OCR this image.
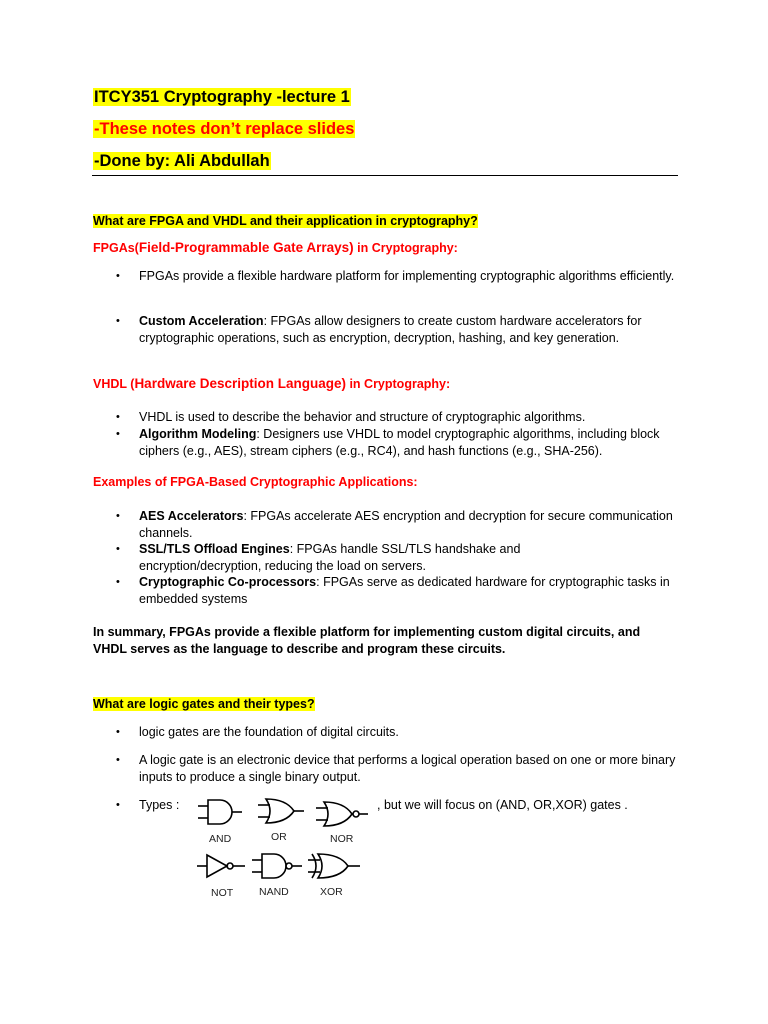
ITCY351 Cryptography -lecture 1
-These notes don’t replace slides
-Done by: Ali Abdullah
What are FPGA and VHDL and their application in cryptography?
FPGAs(Field-Programmable Gate Arrays) in Cryptography:
•	FPGAs provide a flexible hardware platform for implementing cryptographic algorithms efficiently.
•	Custom Acceleration: FPGAs allow designers to create custom hardware accelerators for cryptographic operations, such as encryption, decryption, hashing, and key generation.
VHDL (Hardware Description Language) in Cryptography:
•	VHDL is used to describe the behavior and structure of cryptographic algorithms.
•	Algorithm Modeling: Designers use VHDL to model cryptographic algorithms, including block ciphers (e.g., AES), stream ciphers (e.g., RC4), and hash functions (e.g., SHA-256).
Examples of FPGA-Based Cryptographic Applications:
•	AES Accelerators: FPGAs accelerate AES encryption and decryption for secure communication channels.
•	SSL/TLS Offload Engines: FPGAs handle SSL/TLS handshake and encryption/decryption, reducing the load on servers.
•	Cryptographic Co-processors: FPGAs serve as dedicated hardware for cryptographic tasks in embedded systems
In summary, FPGAs provide a flexible platform for implementing custom digital circuits, and VHDL serves as the language to describe and program these circuits.
What are logic gates and their types?
•	logic gates are the foundation of digital circuits.
•	A logic gate is an electronic device that performs a logical operation based on one or more binary inputs to produce a single binary output.
•	Types :	, but we will focus on (AND, OR,XOR) gates .
AND	OR	NOR
NOT NAND	XOR
